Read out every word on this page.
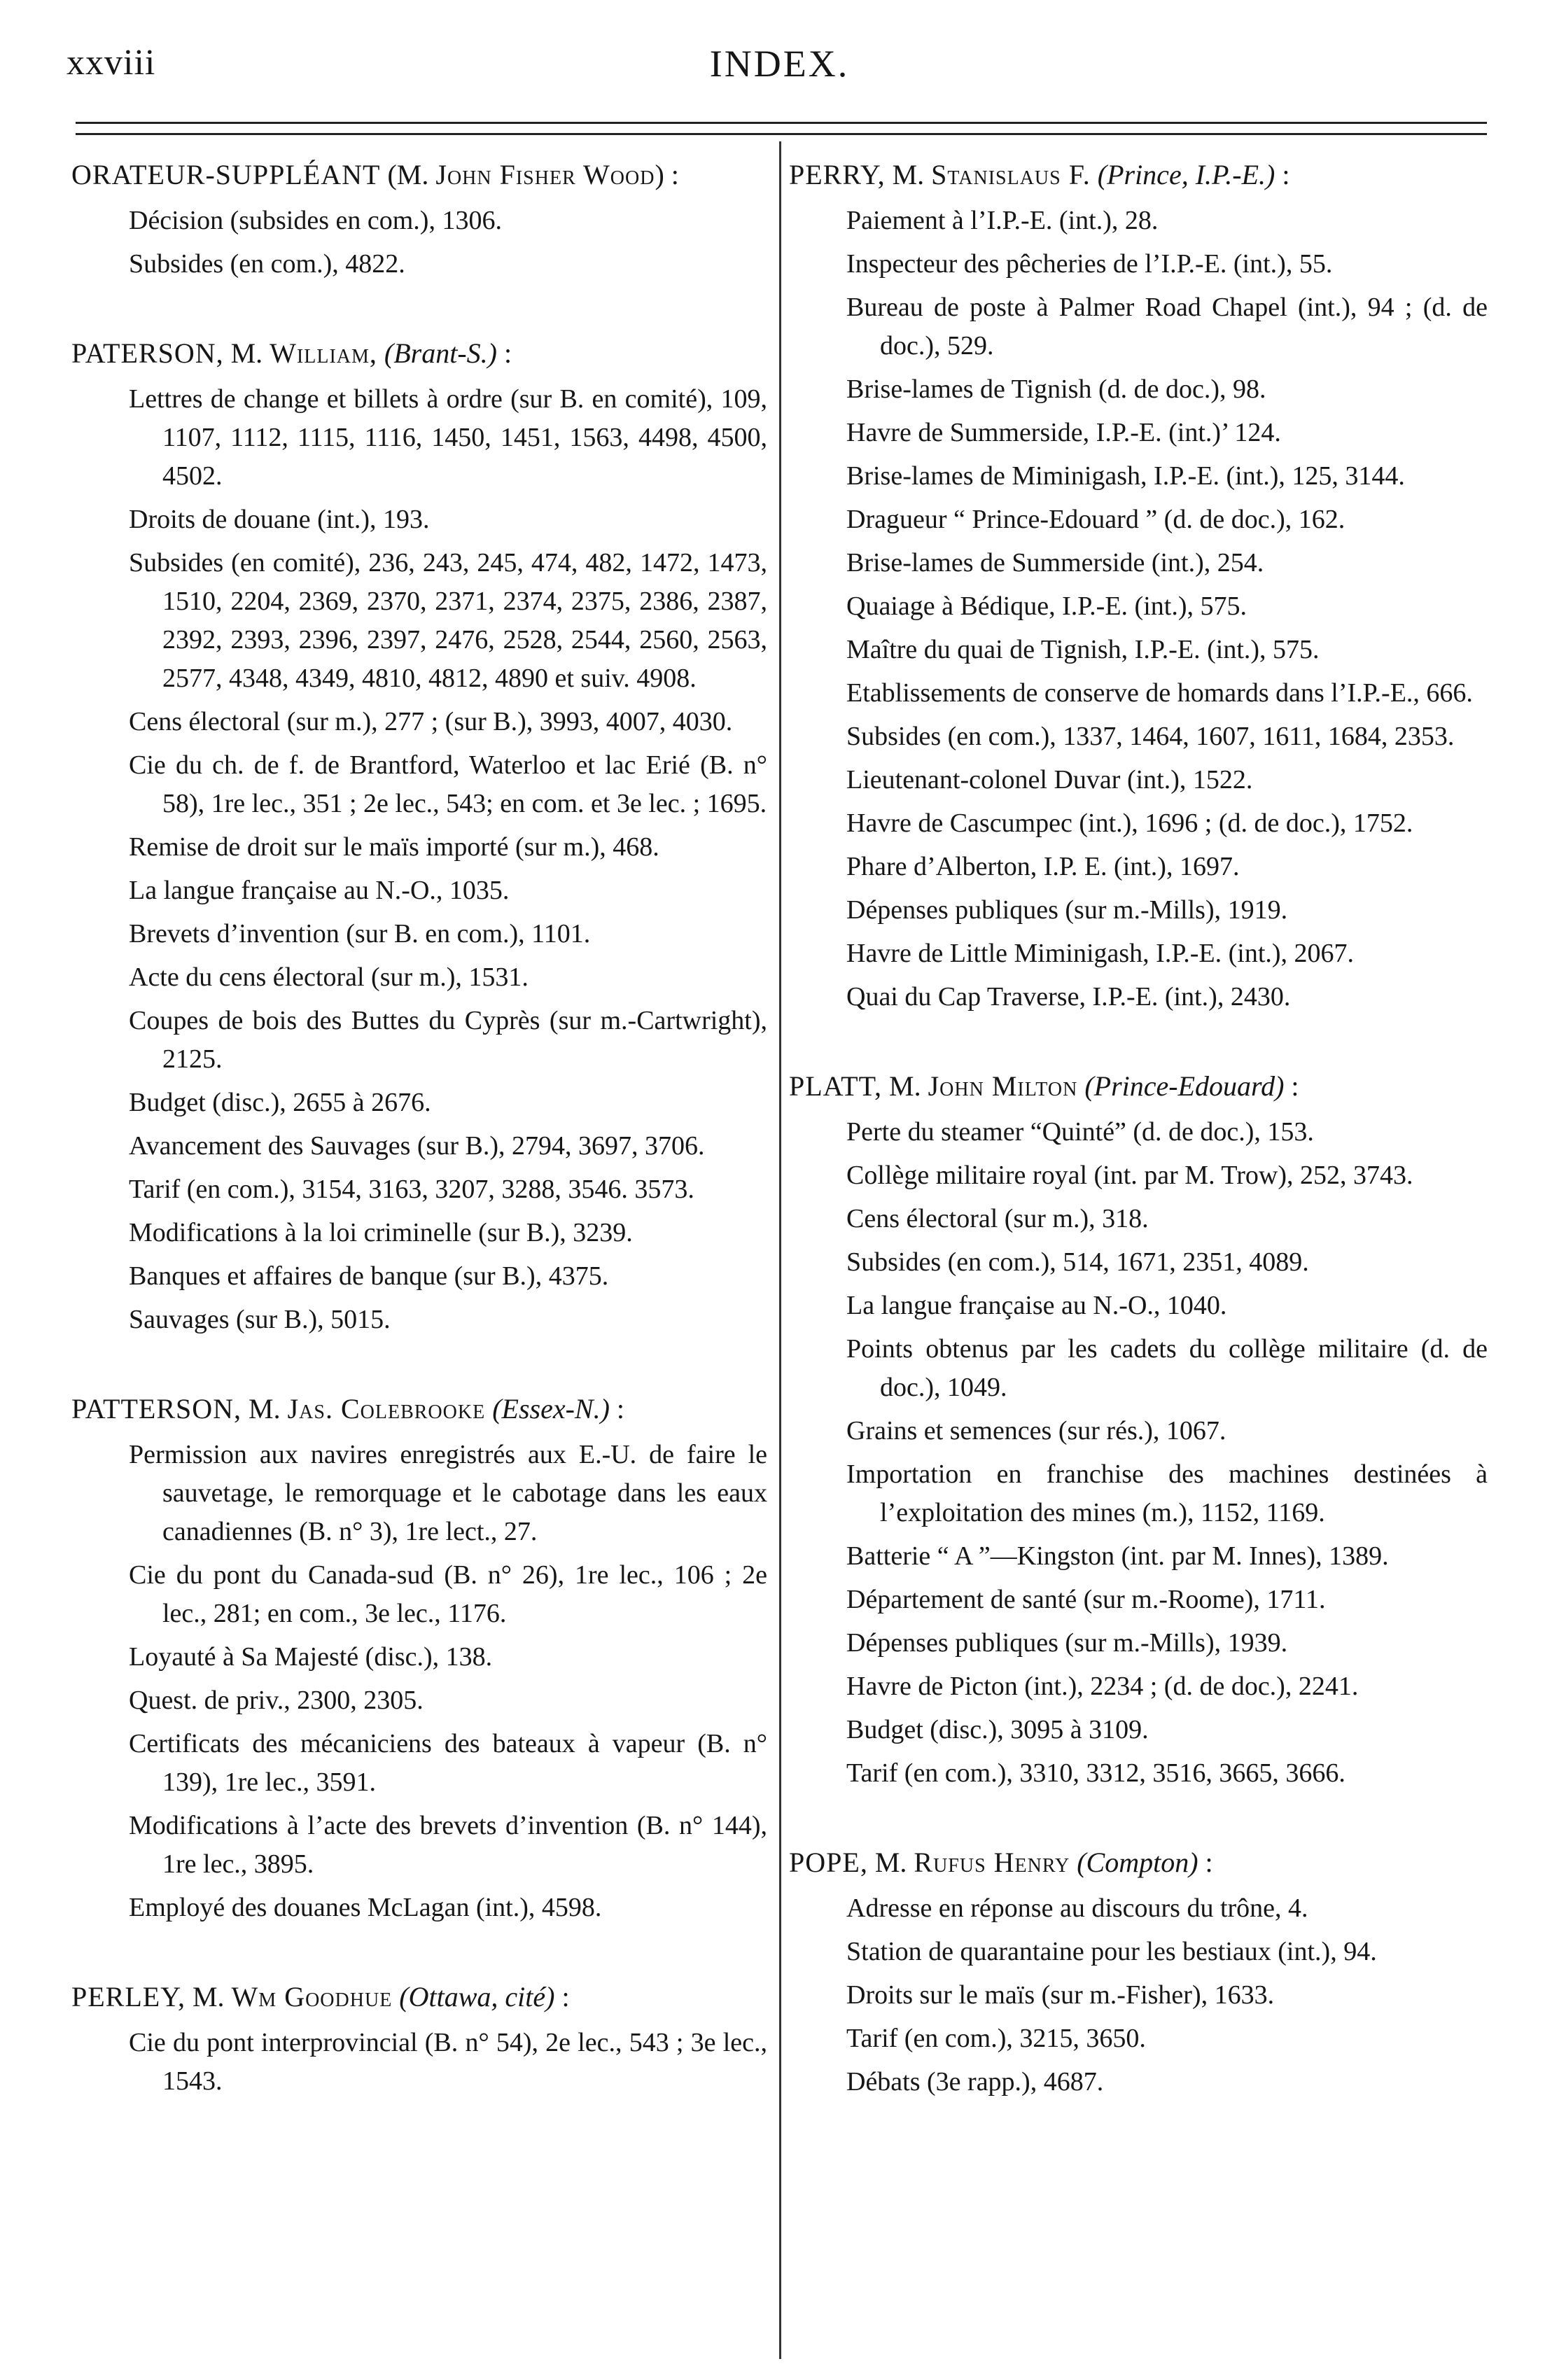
xxviii	INDEX.
ORATEUR-SUPPLÉANT (M. John Fisher Wood) :
Décision (subsides en com.), 1306.
Subsides (en com.), 4822.
PATERSON, M. William, (Brant-S.) :
Lettres de change et billets à ordre (sur B. en comité), 109, 1107, 1112, 1115, 1116, 1450, 1451, 1563, 4498, 4500, 4502.
Droits de douane (int.), 193.
Subsides (en comité), 236, 243, 245, 474, 482, 1472, 1473, 1510, 2204, 2369, 2370, 2371, 2374, 2375, 2386, 2387, 2392, 2393, 2396, 2397, 2476, 2528, 2544, 2560, 2563, 2577, 4348, 4349, 4810, 4812, 4890 et suiv. 4908.
Cens électoral (sur m.), 277 ; (sur B.), 3993, 4007, 4030.
Cie du ch. de f. de Brantford, Waterloo et lac Erié (B. n° 58), 1re lec., 351 ; 2e lec., 543; en com. et 3e lec. ; 1695.
Remise de droit sur le maïs importé (sur m.), 468.
La langue française au N.-O., 1035.
Brevets d’invention (sur B. en com.), 1101.
Acte du cens électoral (sur m.), 1531.
Coupes de bois des Buttes du Cyprès (sur m.-Cartwright), 2125.
Budget (disc.), 2655 à 2676.
Avancement des Sauvages (sur B.), 2794, 3697, 3706.
Tarif (en com.), 3154, 3163, 3207, 3288, 3546. 3573.
Modifications à la loi criminelle (sur B.), 3239.
Banques et affaires de banque (sur B.), 4375.
Sauvages (sur B.), 5015.
PATTERSON, M. Jas. Colebrooke (Essex-N.) :
Permission aux navires enregistrés aux E.-U. de faire le sauvetage, le remorquage et le cabotage dans les eaux canadiennes (B. n° 3), 1re lect., 27.
Cie du pont du Canada-sud (B. n° 26), 1re lec., 106 ; 2e lec., 281; en com., 3e lec., 1176.
Loyauté à Sa Majesté (disc.), 138.
Quest. de priv., 2300, 2305.
Certificats des mécaniciens des bateaux à vapeur (B. n° 139), 1re lec., 3591.
Modifications à l’acte des brevets d’invention (B. n° 144), 1re lec., 3895.
Employé des douanes McLagan (int.), 4598.
PERLEY, M. Wm Goodhue (Ottawa, cité) :
Cie du pont interprovincial (B. n° 54), 2e lec., 543 ; 3e lec., 1543.
PERRY, M. Stanislaus F. (Prince, I.P.-E.) :
Paiement à l’I.P.-E. (int.), 28.
Inspecteur des pêcheries de l’I.P.-E. (int.), 55.
Bureau de poste à Palmer Road Chapel (int.), 94 ; (d. de doc.), 529.
Brise-lames de Tignish (d. de doc.), 98.
Havre de Summerside, I.P.-E. (int.)’ 124.
Brise-lames de Miminigash, I.P.-E. (int.), 125, 3144.
Dragueur “ Prince-Edouard ” (d. de doc.), 162.
Brise-lames de Summerside (int.), 254.
Quaiage à Bédique, I.P.-E. (int.), 575.
Maître du quai de Tignish, I.P.-E. (int.), 575.
Etablissements de conserve de homards dans l’I.P.-E., 666.
Subsides (en com.), 1337, 1464, 1607, 1611, 1684, 2353.
Lieutenant-colonel Duvar (int.), 1522.
Havre de Cascumpec (int.), 1696 ; (d. de doc.), 1752.
Phare d’Alberton, I.P. E. (int.), 1697.
Dépenses publiques (sur m.-Mills), 1919.
Havre de Little Miminigash, I.P.-E. (int.), 2067.
Quai du Cap Traverse, I.P.-E. (int.), 2430.
PLATT, M. John Milton (Prince-Edouard) :
Perte du steamer “Quinté” (d. de doc.), 153.
Collège militaire royal (int. par M. Trow), 252, 3743.
Cens électoral (sur m.), 318.
Subsides (en com.), 514, 1671, 2351, 4089.
La langue française au N.-O., 1040.
Points obtenus par les cadets du collège militaire (d. de doc.), 1049.
Grains et semences (sur rés.), 1067.
Importation en franchise des machines destinées à l’exploitation des mines (m.), 1152, 1169.
Batterie “ A ”—Kingston (int. par M. Innes), 1389.
Département de santé (sur m.-Roome), 1711.
Dépenses publiques (sur m.-Mills), 1939.
Havre de Picton (int.), 2234 ; (d. de doc.), 2241.
Budget (disc.), 3095 à 3109.
Tarif (en com.), 3310, 3312, 3516, 3665, 3666.
POPE, M. Rufus Henry (Compton) :
Adresse en réponse au discours du trône, 4.
Station de quarantaine pour les bestiaux (int.), 94.
Droits sur le maïs (sur m.-Fisher), 1633.
Tarif (en com.), 3215, 3650.
Débats (3e rapp.), 4687.
